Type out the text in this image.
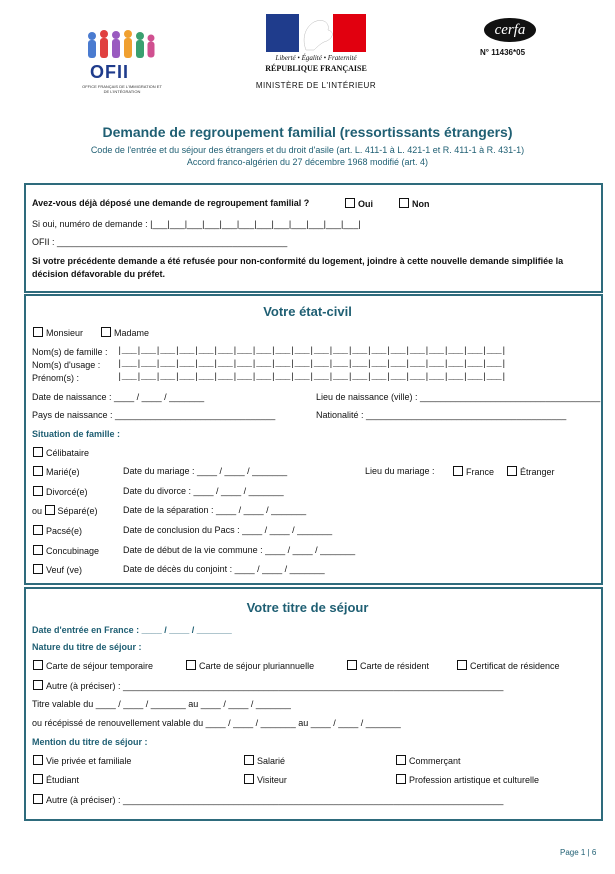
OFII
OFFICE FRANÇAIS DE L'IMMIGRATION ET DE L'INTÉGRATION
Liberté • Égalité • Fraternité
RÉPUBLIQUE FRANÇAISE
MINISTÈRE DE L'INTÉRIEUR
cerfa
N° 11436*05
Demande de regroupement familial (ressortissants étrangers)
Code de l'entrée et du séjour des étrangers et du droit d'asile (art. L. 411-1 à L. 421-1 et R. 411-1 à R. 431-1)
Accord franco-algérien du 27 décembre 1968 modifié (art. 4)
Avez-vous déjà déposé une demande de regroupement familial ?	Oui	Non
Si oui, numéro de demande : |___|___|___|___|___|___|___|___|___|___|___|___|
OFII : ______________________________________________
Si votre précédente demande a été refusée pour non-conformité du logement, joindre à cette nouvelle demande simplifiée la
décision défavorable du préfet.
Votre état-civil
Monsieur	Madame
Nom(s) de famille : |___|___|___|___|___|___|___|___|___|___|___|___|___|___|___|___|___|___|___|___|
Nom(s) d'usage : |___|___|___|___|___|___|___|___|___|___|___|___|___|___|___|___|___|___|___|___|
Prénom(s) :	|___|___|___|___|___|___|___|___|___|___|___|___|___|___|___|___|___|___|___|___|
Date de naissance : ____ / ____ / _______	Lieu de naissance (ville) : ____________________________________
Pays de naissance : ________________________________	Nationalité : ________________________________________
Situation de famille :
Célibataire
Marié(e)	Date du mariage : ____ / ____ / _______	Lieu du mariage :	France	Étranger
Divorcé(e)	Date du divorce : ____ / ____ / _______
ou Séparé(e)	Date de la séparation : ____ / ____ / _______
Pacsé(e)	Date de conclusion du Pacs : ____ / ____ / _______
Concubinage	Date de début de la vie commune : ____ / ____ / _______
Veuf (ve)	Date de décès du conjoint : ____ / ____ / _______
Votre titre de séjour
Date d'entrée en France : ____ / ____ / _______
Nature du titre de séjour :
Carte de séjour temporaire	Carte de séjour pluriannuelle	Carte de résident	Certificat de résidence
Autre (à préciser) : ____________________________________________________________________________
Titre valable du ____ / ____ / _______ au ____ / ____ / _______
ou récépissé de renouvellement valable du ____ / ____ / _______ au ____ / ____ / _______
Mention du titre de séjour :
Vie privée et familiale	Salarié	Commerçant
Étudiant	Visiteur	Profession artistique et culturelle
Autre (à préciser) : ____________________________________________________________________________
Page 1 | 6
